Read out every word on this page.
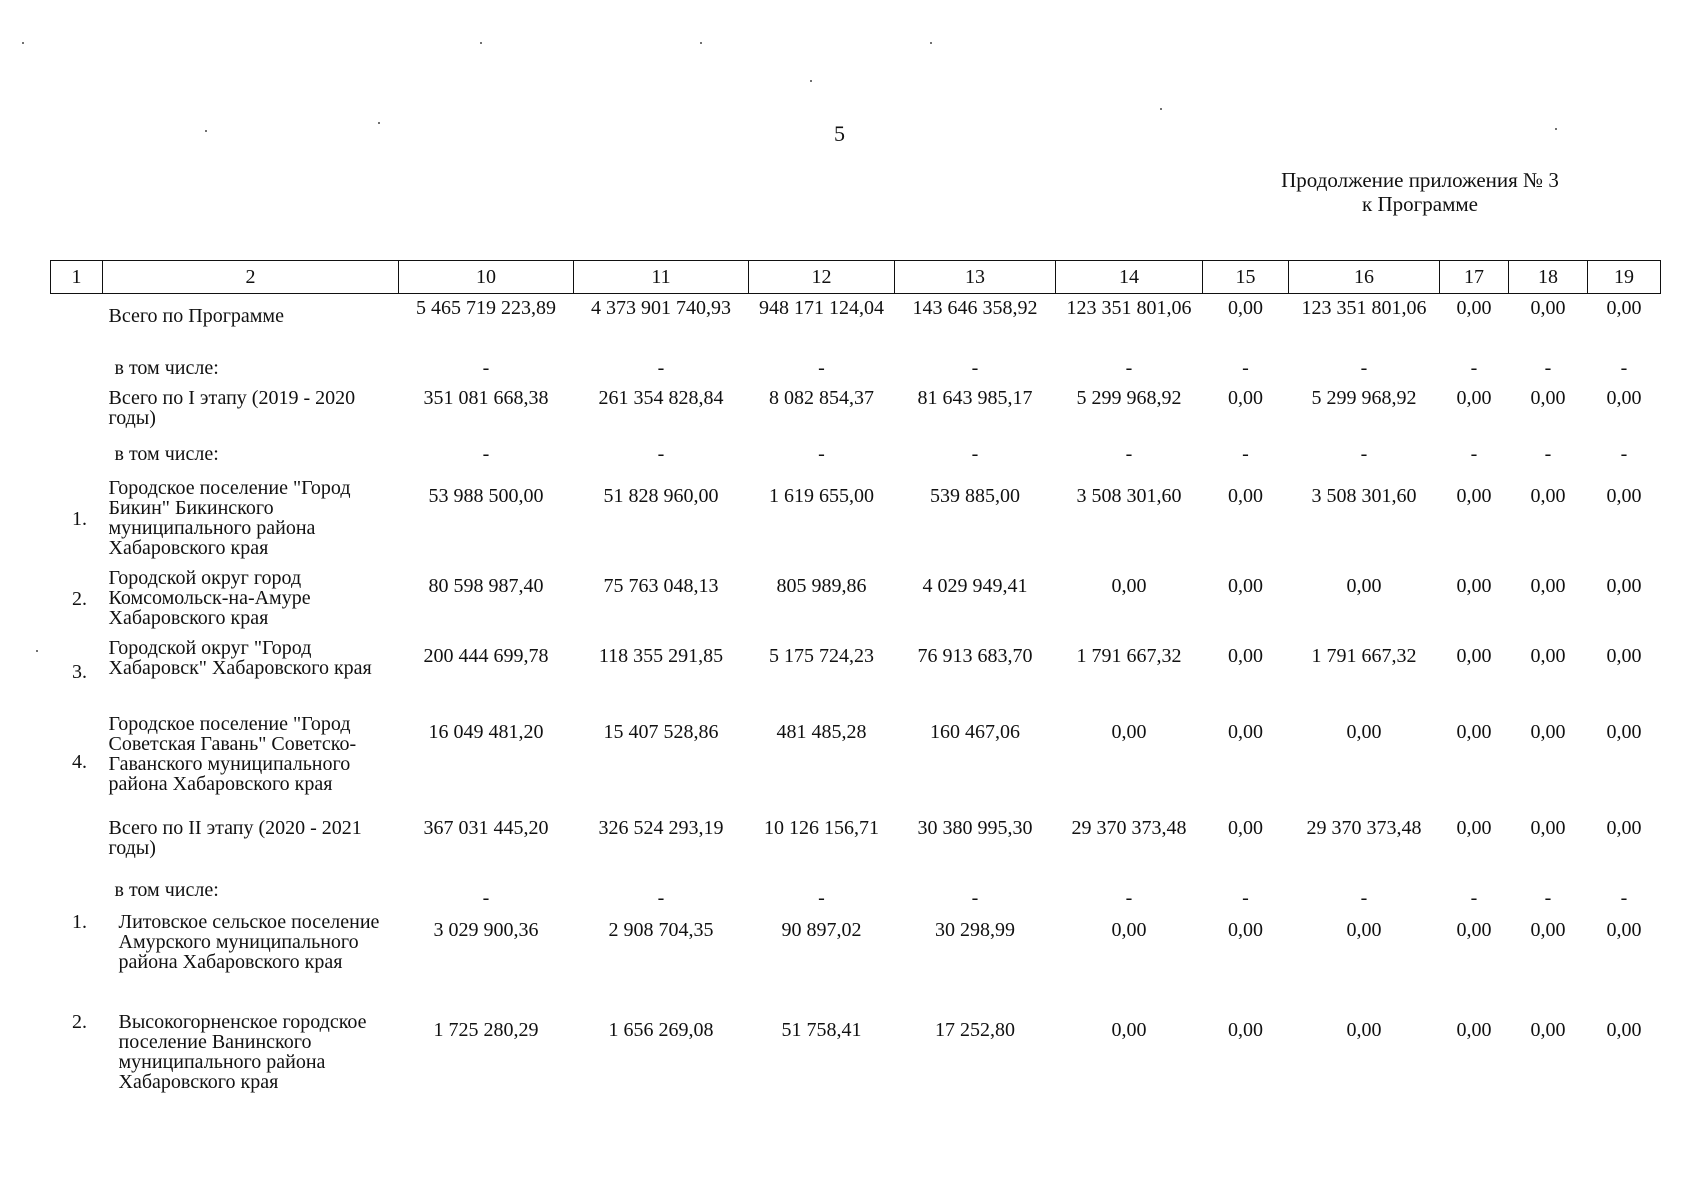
5
Продолжение приложения № 3
к Программе
1	2	10	11	12	13	14	15	16	17	18	19
	Всего по Программе	5 465 719 223,89	4 373 901 740,93	948 171 124,04	143 646 358,92	123 351 801,06	0,00	123 351 801,06	0,00	0,00	0,00
	в том числе:	-	-	-	-	-	-	-	-	-	-
	Всего по I этапу (2019 - 2020 годы)	351 081 668,38	261 354 828,84	8 082 854,37	81 643 985,17	5 299 968,92	0,00	5 299 968,92	0,00	0,00	0,00
	в том числе:	-	-	-	-	-	-	-	-	-	-
1.	Городское поселение "Город Бикин" Бикинского муниципального района Хабаровского края	53 988 500,00	51 828 960,00	1 619 655,00	539 885,00	3 508 301,60	0,00	3 508 301,60	0,00	0,00	0,00
2.	Городской округ город Комсомольск-на-Амуре Хабаровского края	80 598 987,40	75 763 048,13	805 989,86	4 029 949,41	0,00	0,00	0,00	0,00	0,00	0,00
3.	Городской округ "Город Хабаровск" Хабаровского края	200 444 699,78	118 355 291,85	5 175 724,23	76 913 683,70	1 791 667,32	0,00	1 791 667,32	0,00	0,00	0,00
4.	Городское поселение "Город Советская Гавань" Советско-Гаванского муниципального района Хабаровского края	16 049 481,20	15 407 528,86	481 485,28	160 467,06	0,00	0,00	0,00	0,00	0,00	0,00
	Всего по II этапу (2020 - 2021 годы)	367 031 445,20	326 524 293,19	10 126 156,71	30 380 995,30	29 370 373,48	0,00	29 370 373,48	0,00	0,00	0,00
	в том числе:	-	-	-	-	-	-	-	-	-	-
1.	Литовское сельское поселение Амурского муниципального района Хабаровского края	3 029 900,36	2 908 704,35	90 897,02	30 298,99	0,00	0,00	0,00	0,00	0,00	0,00
2.	Высокогорненское городское поселение Ванинского муниципального района Хабаровского края	1 725 280,29	1 656 269,08	51 758,41	17 252,80	0,00	0,00	0,00	0,00	0,00	0,00
